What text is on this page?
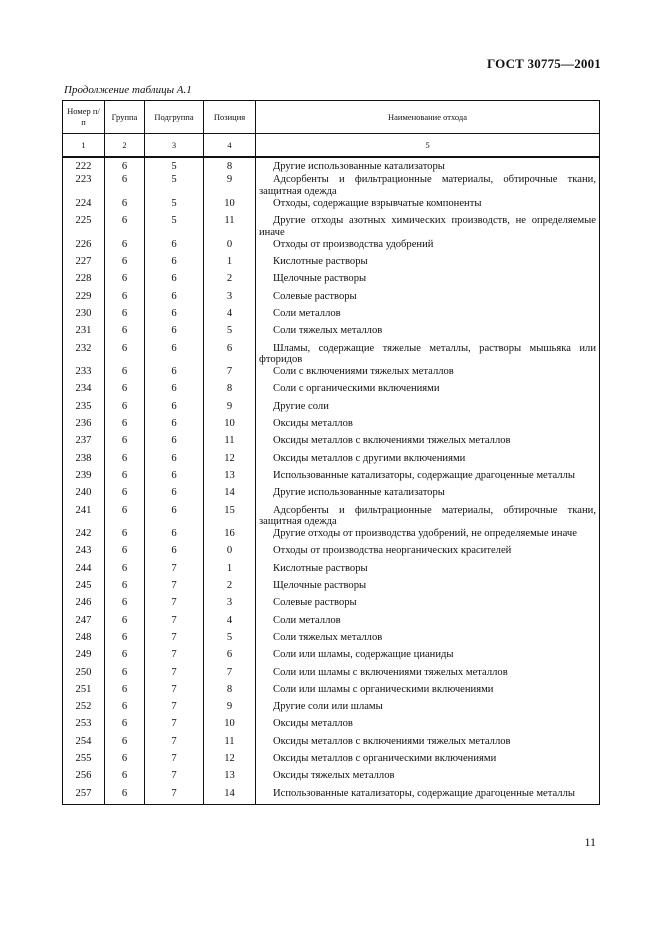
ГОСТ 30775—2001
Продолжение таблицы А.1
Номер п/п	Группа	Подгруппа	Позиция	Наименование отхода
1	2	3	4	5
222	6	5	8	Другие использованные катализаторы

223	6	5	9	Адсорбенты и фильтрационные материалы, обтирочные ткани, защитная одежда

224	6	5	10	Отходы, содержащие взрывчатые компоненты

225	6	5	11	Другие отходы азотных химических производств, не определяемые иначе

226	6	6	0	Отходы от производства удобрений

227	6	6	1	Кислотные растворы

228	6	6	2	Щелочные растворы

229	6	6	3	Солевые растворы

230	6	6	4	Соли металлов

231	6	6	5	Соли тяжелых металлов

232	6	6	6	Шламы, содержащие тяжелые металлы, растворы мышьяка или фторидов

233	6	6	7	Соли с включениями тяжелых металлов

234	6	6	8	Соли с органическими включениями

235	6	6	9	Другие соли

236	6	6	10	Оксиды металлов

237	6	6	11	Оксиды металлов с включениями тяжелых металлов

238	6	6	12	Оксиды металлов с другими включениями

239	6	6	13	Использованные катализаторы, содержащие драгоценные металлы

240	6	6	14	Другие использованные катализаторы

241	6	6	15	Адсорбенты и фильтрационные материалы, обтирочные ткани, защитная одежда

242	6	6	16	Другие отходы от производства удобрений, не определяемые иначе

243	6	6	0	Отходы от производства неорганических красителей

244	6	7	1	Кислотные растворы

245	6	7	2	Щелочные растворы

246	6	7	3	Солевые растворы

247	6	7	4	Соли металлов

248	6	7	5	Соли тяжелых металлов

249	6	7	6	Соли или шламы, содержащие цианиды

250	6	7	7	Соли или шламы с включениями тяжелых металлов

251	6	7	8	Соли или шламы с органическими включениями

252	6	7	9	Другие соли или шламы

253	6	7	10	Оксиды металлов

254	6	7	11	Оксиды металлов с включениями тяжелых металлов

255	6	7	12	Оксиды металлов с органическими включениями

256	6	7	13	Оксиды тяжелых металлов

257	6	7	14	Использованные катализаторы, содержащие драгоценные металлы
11
